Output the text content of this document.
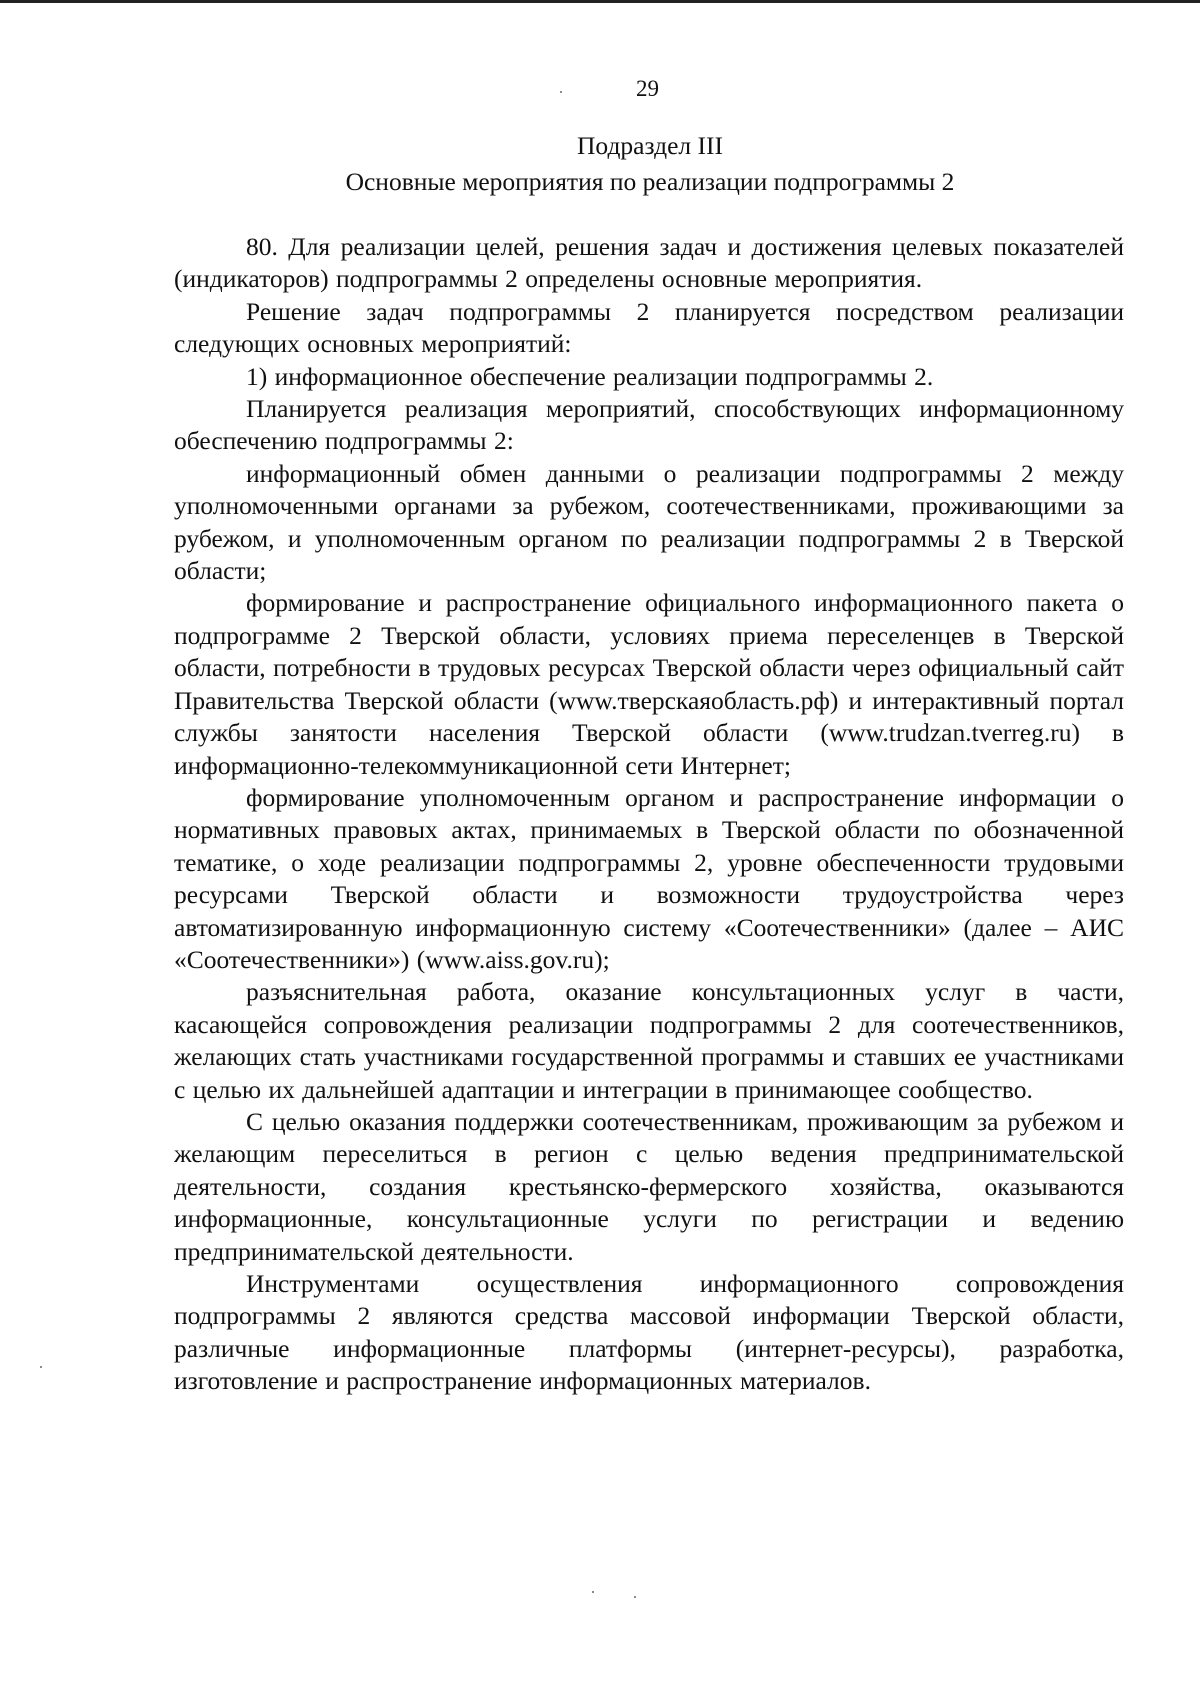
29
Подраздел III
Основные мероприятия по реализации подпрограммы 2

80. Для реализации целей, решения задач и достижения целевых показателей (индикаторов) подпрограммы 2 определены основные мероприятия.

Решение задач подпрограммы 2 планируется посредством реализации следующих основных мероприятий:

1) информационное обеспечение реализации подпрограммы 2.

Планируется реализация мероприятий, способствующих информационному обеспечению подпрограммы 2:

информационный обмен данными о реализации подпрограммы 2 между уполномоченными органами за рубежом, соотечественниками, проживающими за рубежом, и уполномоченным органом по реализации подпрограммы 2 в Тверской области;

формирование и распространение официального информационного пакета о подпрограмме 2 Тверской области, условиях приема переселенцев в Тверской области, потребности в трудовых ресурсах Тверской области через официальный сайт Правительства Тверской области (www.тверскаяобласть.рф) и интерактивный портал службы занятости населения Тверской области (www.trudzan.tverreg.ru) в информационно-телекоммуникационной сети Интернет;

формирование уполномоченным органом и распространение информации о нормативных правовых актах, принимаемых в Тверской области по обозначенной тематике, о ходе реализации подпрограммы 2, уровне обеспеченности трудовыми ресурсами Тверской области и возможности трудоустройства через автоматизированную информационную систему «Соотечественники» (далее – АИС «Соотечественники») (www.aiss.gov.ru);

разъяснительная работа, оказание консультационных услуг в части, касающейся сопровождения реализации подпрограммы 2 для соотечественников, желающих стать участниками государственной программы и ставших ее участниками с целью их дальнейшей адаптации и интеграции в принимающее сообщество.

С целью оказания поддержки соотечественникам, проживающим за рубежом и желающим переселиться в регион с целью ведения предпринимательской деятельности, создания крестьянско-фермерского хозяйства, оказываются информационные, консультационные услуги по регистрации и ведению предпринимательской деятельности.

Инструментами осуществления информационного сопровождения подпрограммы 2 являются средства массовой информации Тверской области, различные информационные платформы (интернет-ресурсы), разработка, изготовление и распространение информационных материалов.
